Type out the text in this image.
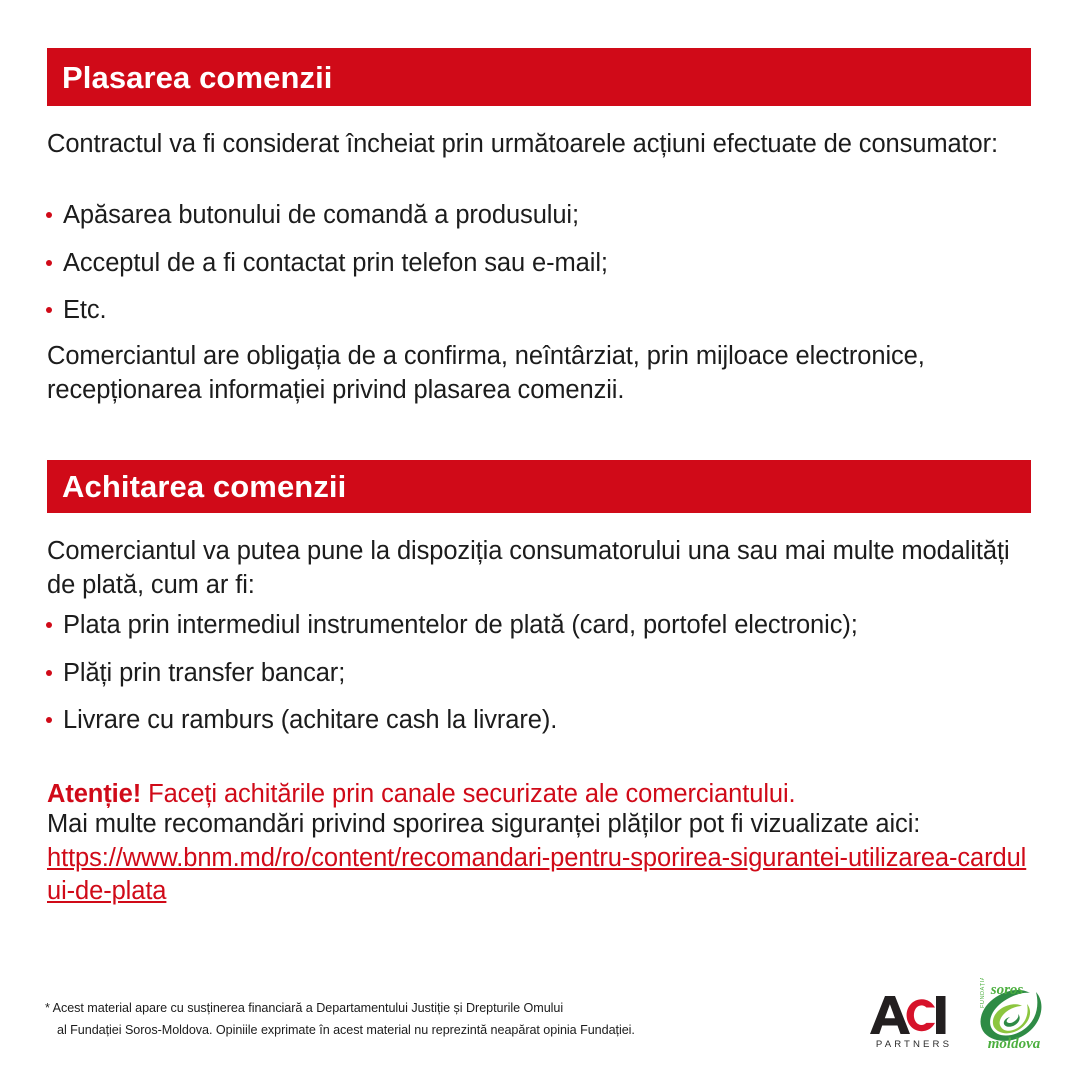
Plasarea comenzii

Contractul va fi considerat încheiat prin următoarele acțiuni efectuate de consumator:

Apăsarea butonului de comandă a produsului;
Acceptul de a fi contactat prin telefon sau e-mail;
Etc.

Comerciantul are obligația de a confirma, neîntârziat, prin mijloace electronice, recepționarea informației privind plasarea comenzii.

Achitarea comenzii

Comerciantul va putea pune la dispoziția consumatorului una sau mai multe modalități de plată, cum ar fi:

Plata prin intermediul instrumentelor de plată (card, portofel electronic);
Plăți prin transfer bancar;
Livrare cu ramburs (achitare cash la livrare).
Atenție! Faceți achitările prin canale securizate ale comerciantului.

Mai multe recomandări privind sporirea siguranței plăților pot fi vizualizate aici:

https://www.bnm.md/ro/content/recomandari-pentru-sporirea-sigurantei-utilizarea-cardului-de-plata
* Acest material apare cu susținerea financiară a Departamentului Justiție și Drepturile Omului
al Fundației Soros-Moldova. Opiniile exprimate în acest material nu reprezintă neapărat opinia Fundației.
PARTNERS
soros
moldova
FUNDAȚIA
